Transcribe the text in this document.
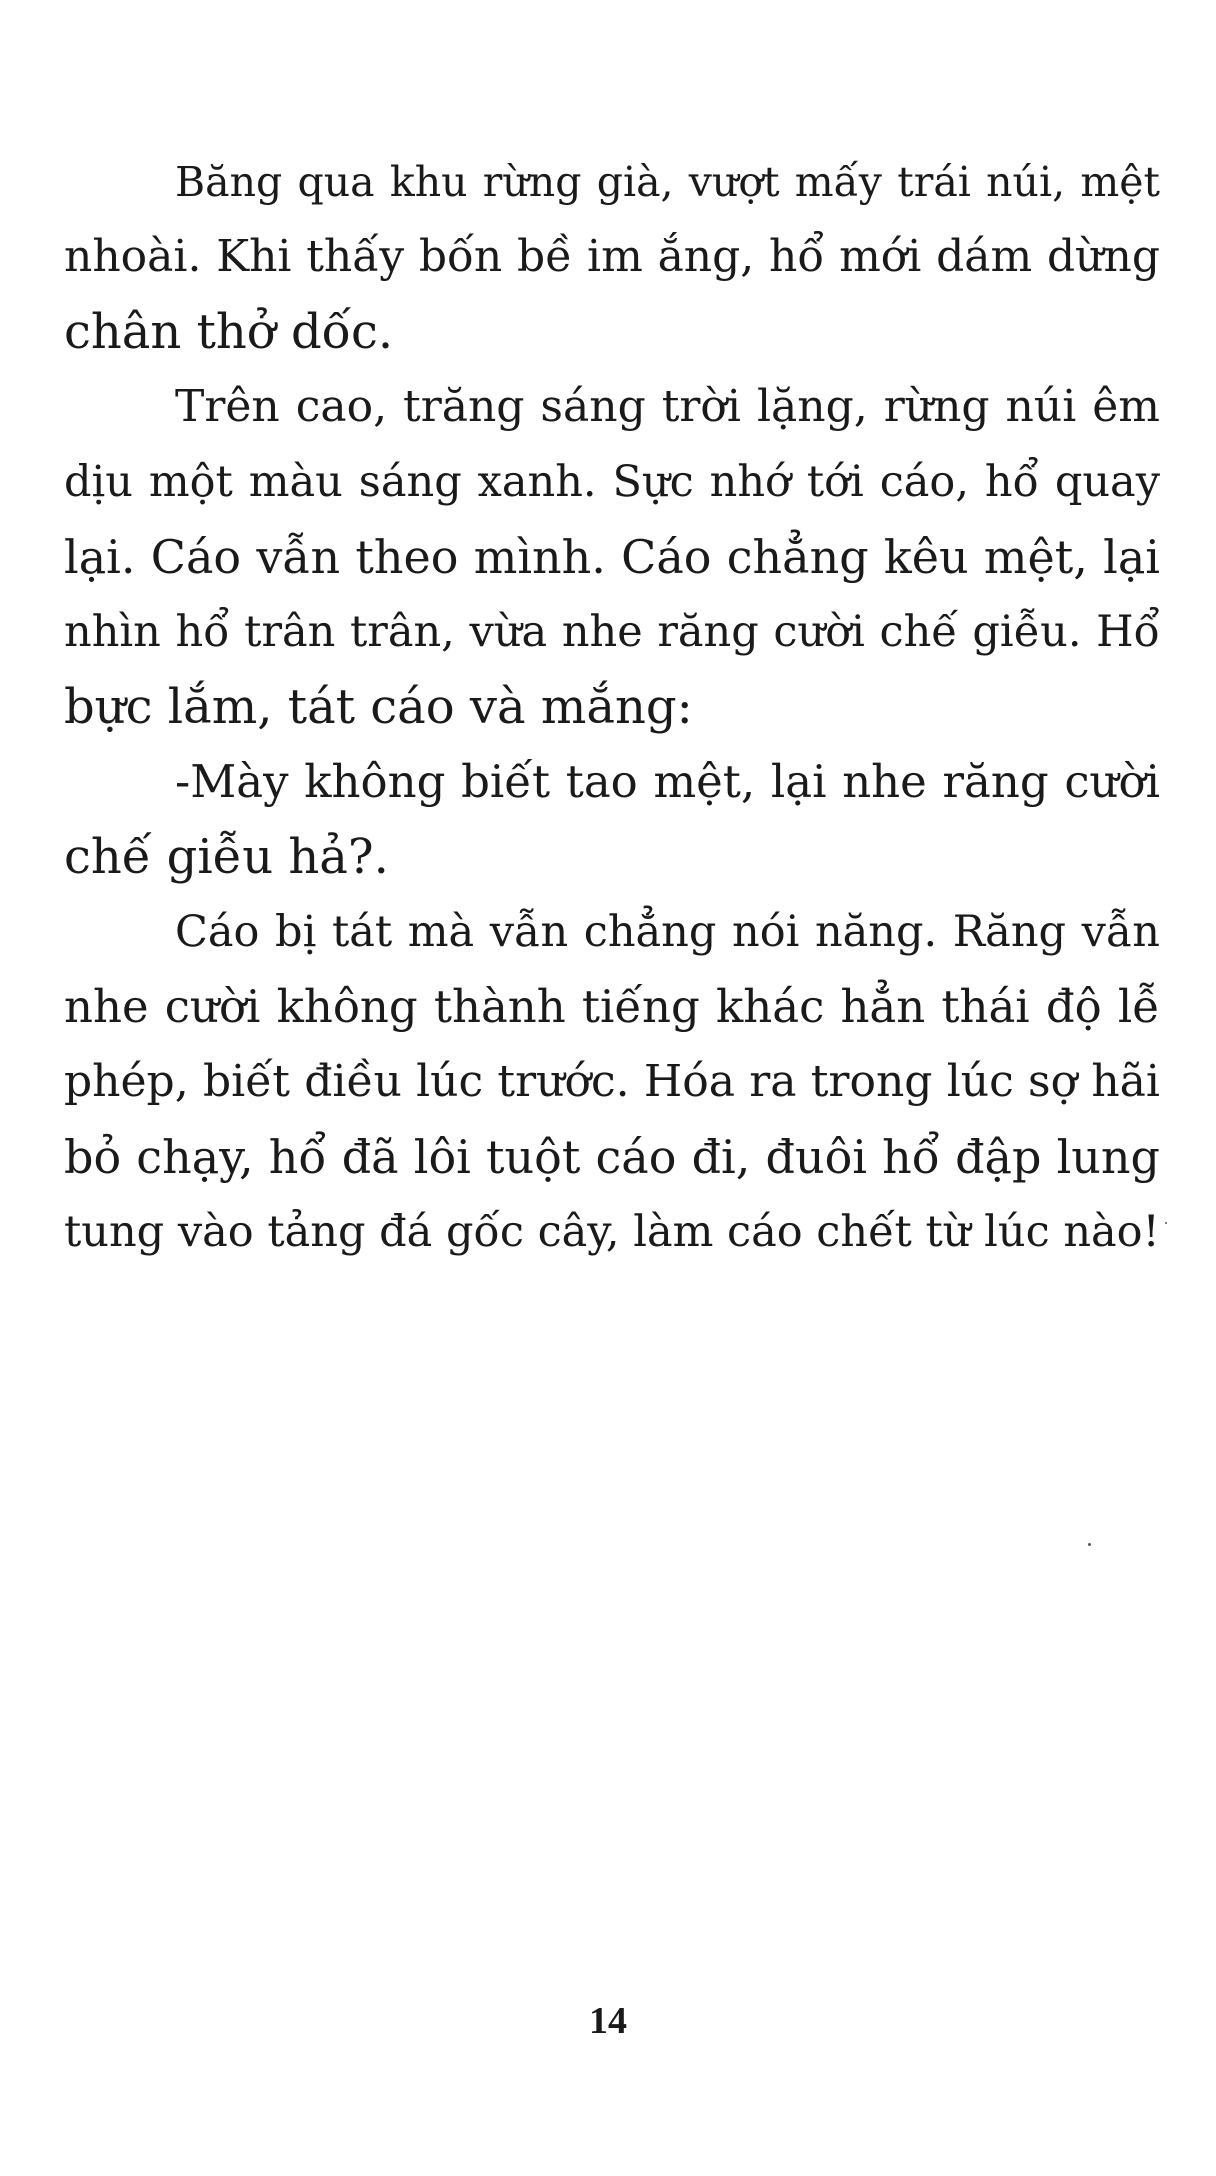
Băng qua khu rừng già, vượt mấy trái núi, mệt
nhoài. Khi thấy bốn bề im ắng, hổ mới dám dừng
chân thở dốc.
Trên cao, trăng sáng trời lặng, rừng núi êm
dịu một màu sáng xanh. Sực nhớ tới cáo, hổ quay
lại. Cáo vẫn theo mình. Cáo chẳng kêu mệt, lại
nhìn hổ trân trân, vừa nhe răng cười chế giễu. Hổ
bực lắm, tát cáo và mắng:
-Mày không biết tao mệt, lại nhe răng cười
chế giễu hả?.
Cáo bị tát mà vẫn chẳng nói năng. Răng vẫn
nhe cười không thành tiếng khác hẳn thái độ lễ
phép, biết điều lúc trước. Hóa ra trong lúc sợ hãi
bỏ chạy, hổ đã lôi tuột cáo đi, đuôi hổ đập lung
tung vào tảng đá gốc cây, làm cáo chết từ lúc nào!
14
